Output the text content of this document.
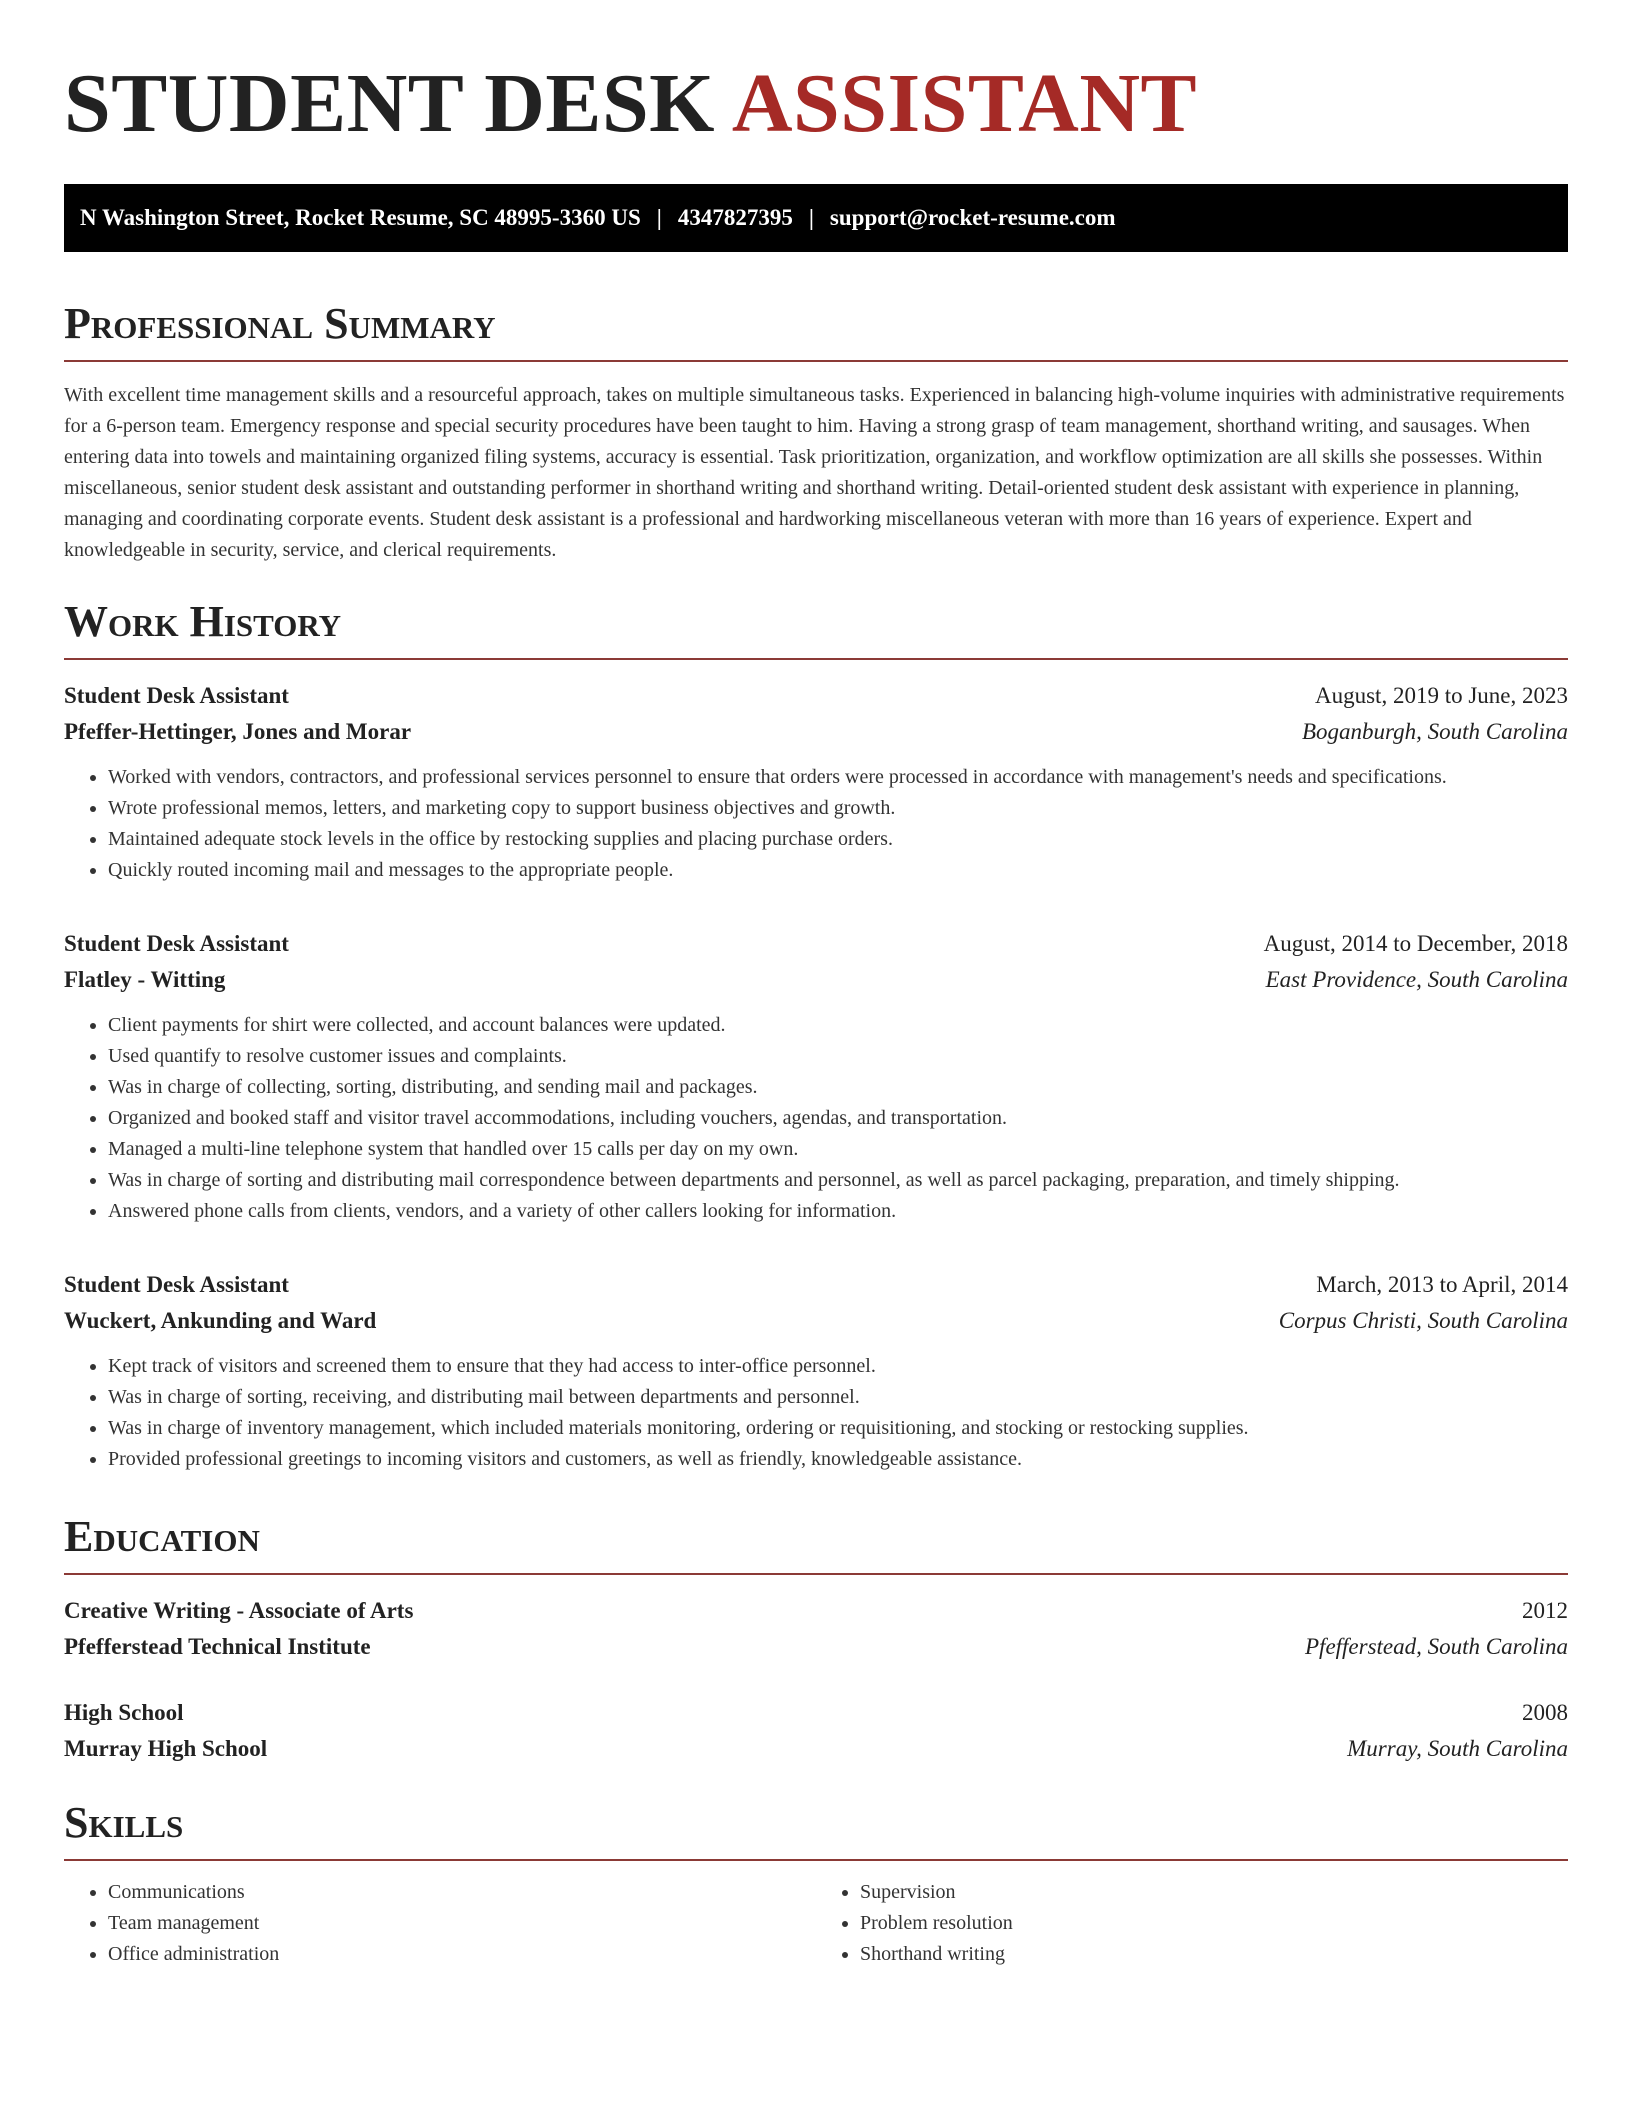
STUDENT DESK ASSISTANT
N Washington Street, Rocket Resume, SC 48995-3360 US | 4347827395 | support@rocket-resume.com
Professional Summary

With excellent time management skills and a resourceful approach, takes on multiple simultaneous tasks. Experienced in balancing high-volume inquiries with administrative requirements for a 6-person team. Emergency response and special security procedures have been taught to him. Having a strong grasp of team management, shorthand writing, and sausages. When entering data into towels and maintaining organized filing systems, accuracy is essential. Task prioritization, organization, and workflow optimization are all skills she possesses. Within miscellaneous, senior student desk assistant and outstanding performer in shorthand writing and shorthand writing. Detail-oriented student desk assistant with experience in planning, managing and coordinating corporate events. Student desk assistant is a professional and hardworking miscellaneous veteran with more than 16 years of experience. Expert and knowledgeable in security, service, and clerical requirements.

Work History
Student Desk Assistant	August, 2019 to June, 2023
Pfeffer-Hettinger, Jones and Morar	Boganburgh, South Carolina
• Worked with vendors, contractors, and professional services personnel to ensure that orders were processed in accordance with management's needs and specifications.
• Wrote professional memos, letters, and marketing copy to support business objectives and growth.
• Maintained adequate stock levels in the office by restocking supplies and placing purchase orders.
• Quickly routed incoming mail and messages to the appropriate people.
Student Desk Assistant	August, 2014 to December, 2018
Flatley - Witting	East Providence, South Carolina
• Client payments for shirt were collected, and account balances were updated.
• Used quantify to resolve customer issues and complaints.
• Was in charge of collecting, sorting, distributing, and sending mail and packages.
• Organized and booked staff and visitor travel accommodations, including vouchers, agendas, and transportation.
• Managed a multi-line telephone system that handled over 15 calls per day on my own.
• Was in charge of sorting and distributing mail correspondence between departments and personnel, as well as parcel packaging, preparation, and timely shipping.
• Answered phone calls from clients, vendors, and a variety of other callers looking for information.
Student Desk Assistant	March, 2013 to April, 2014
Wuckert, Ankunding and Ward	Corpus Christi, South Carolina
• Kept track of visitors and screened them to ensure that they had access to inter-office personnel.
• Was in charge of sorting, receiving, and distributing mail between departments and personnel.
• Was in charge of inventory management, which included materials monitoring, ordering or requisitioning, and stocking or restocking supplies.
• Provided professional greetings to incoming visitors and customers, as well as friendly, knowledgeable assistance.
Education
Creative Writing - Associate of Arts	2012
Pfefferstead Technical Institute	Pfefferstead, South Carolina
High School	2008
Murray High School	Murray, South Carolina
Skills
• Communications
• Team management
• Office administration
• Supervision
• Problem resolution
• Shorthand writing
